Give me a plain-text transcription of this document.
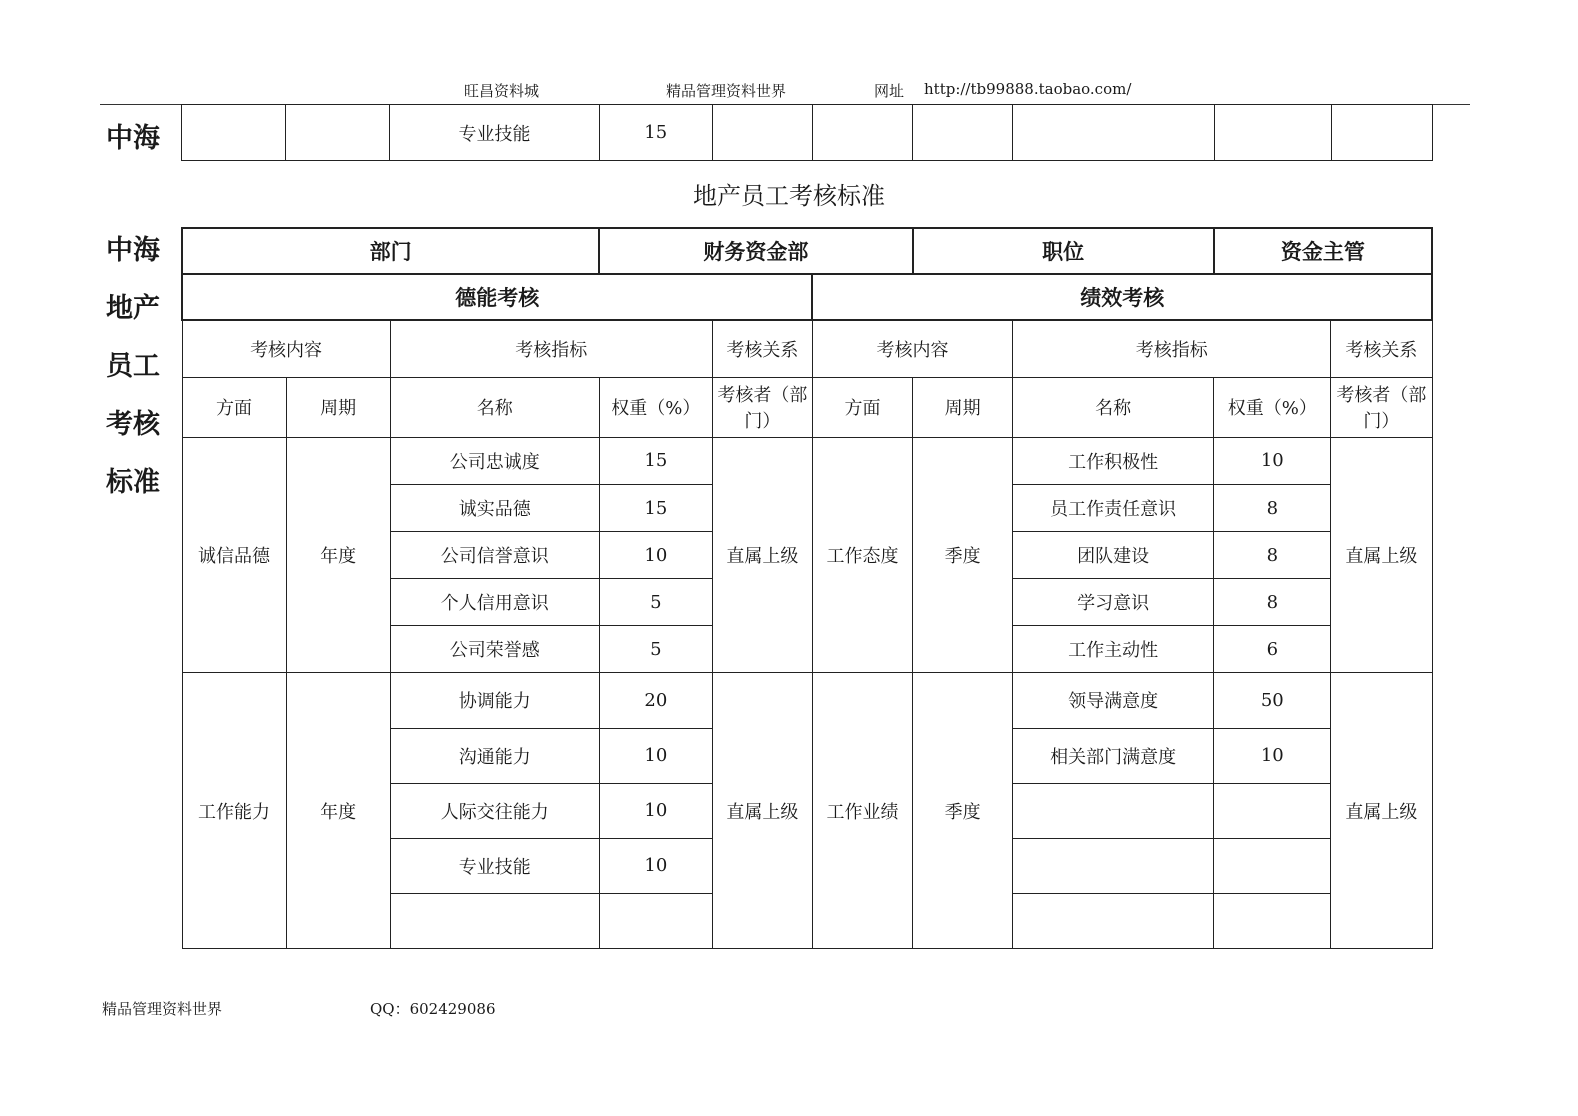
旺昌资料城	精品管理资料世界	网址 http://tb99888.taobao.com/
中海
			专业技能	15						
地产员工考核标准
中海
地产
员工
考核
标准
部门			财务资金部			职位		资金主管	
德能考核					绩效考核				
考核内容		考核指标		考核关系	考核内容		考核指标		考核关系
方面	周期	名称	权重（%）	考核者（部门）	方面	周期	名称	权重（%）	考核者（部门）
诚信品德	年度	公司忠诚度	15	直属上级	工作态度	季度	工作积极性	10	直属上级
		诚实品德	15				员工作责任意识	8	
		公司信誉意识	10				团队建设	8	
		个人信用意识	5				学习意识	8	
		公司荣誉感	5				工作主动性	6	
工作能力	年度	协调能力	20	直属上级	工作业绩	季度	领导满意度	50	直属上级
		沟通能力	10				相关部门满意度	10	
		人际交往能力	10						
		专业技能	10						

精品管理资料世界	QQ：602429086
